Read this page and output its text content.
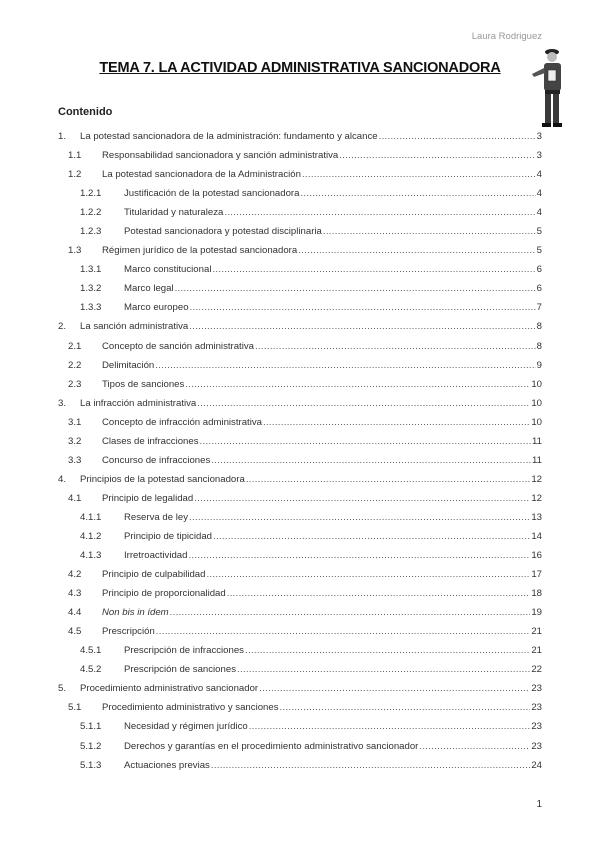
Laura Rodriguez
TEMA 7. LA ACTIVIDAD ADMINISTRATIVA SANCIONADORA
Contenido
1. La potestad sancionadora de la administración: fundamento y alcance .....	3
1.1 Responsabilidad sancionadora y sanción administrativa .....	3
1.2 La potestad sancionadora de la Administración .....	4
1.2.1 Justificación de la potestad sancionadora .....	4
1.2.2 Titularidad y naturaleza .....	4
1.2.3 Potestad sancionadora y potestad disciplinaria .....	5
1.3 Régimen jurídico de la potestad sancionadora .....	5
1.3.1 Marco constitucional .....	6
1.3.2 Marco legal .....	6
1.3.3 Marco europeo .....	7
2. La sanción administrativa .....	8
2.1 Concepto de sanción administrativa .....	8
2.2 Delimitación .....	9
2.3 Tipos de sanciones .....	10
3. La infracción administrativa .....	10
3.1 Concepto de infracción administrativa .....	10
3.2 Clases de infracciones .....	11
3.3 Concurso de infracciones .....	11
4. Principios de la potestad sancionadora .....	12
4.1 Principio de legalidad .....	12
4.1.1 Reserva de ley .....	13
4.1.2 Principio de tipicidad .....	14
4.1.3 Irretroactividad .....	16
4.2 Principio de culpabilidad .....	17
4.3 Principio de proporcionalidad .....	18
4.4 Non bis in ídem .....	19
4.5 Prescripción .....	21
4.5.1 Prescripción de infracciones .....	21
4.5.2 Prescripción de sanciones .....	22
5. Procedimiento administrativo sancionador .....	23
5.1 Procedimiento administrativo y sanciones .....	23
5.1.1 Necesidad y régimen jurídico .....	23
5.1.2 Derechos y garantías en el procedimiento administrativo sancionador .....	23
5.1.3 Actuaciones previas .....	24
1
